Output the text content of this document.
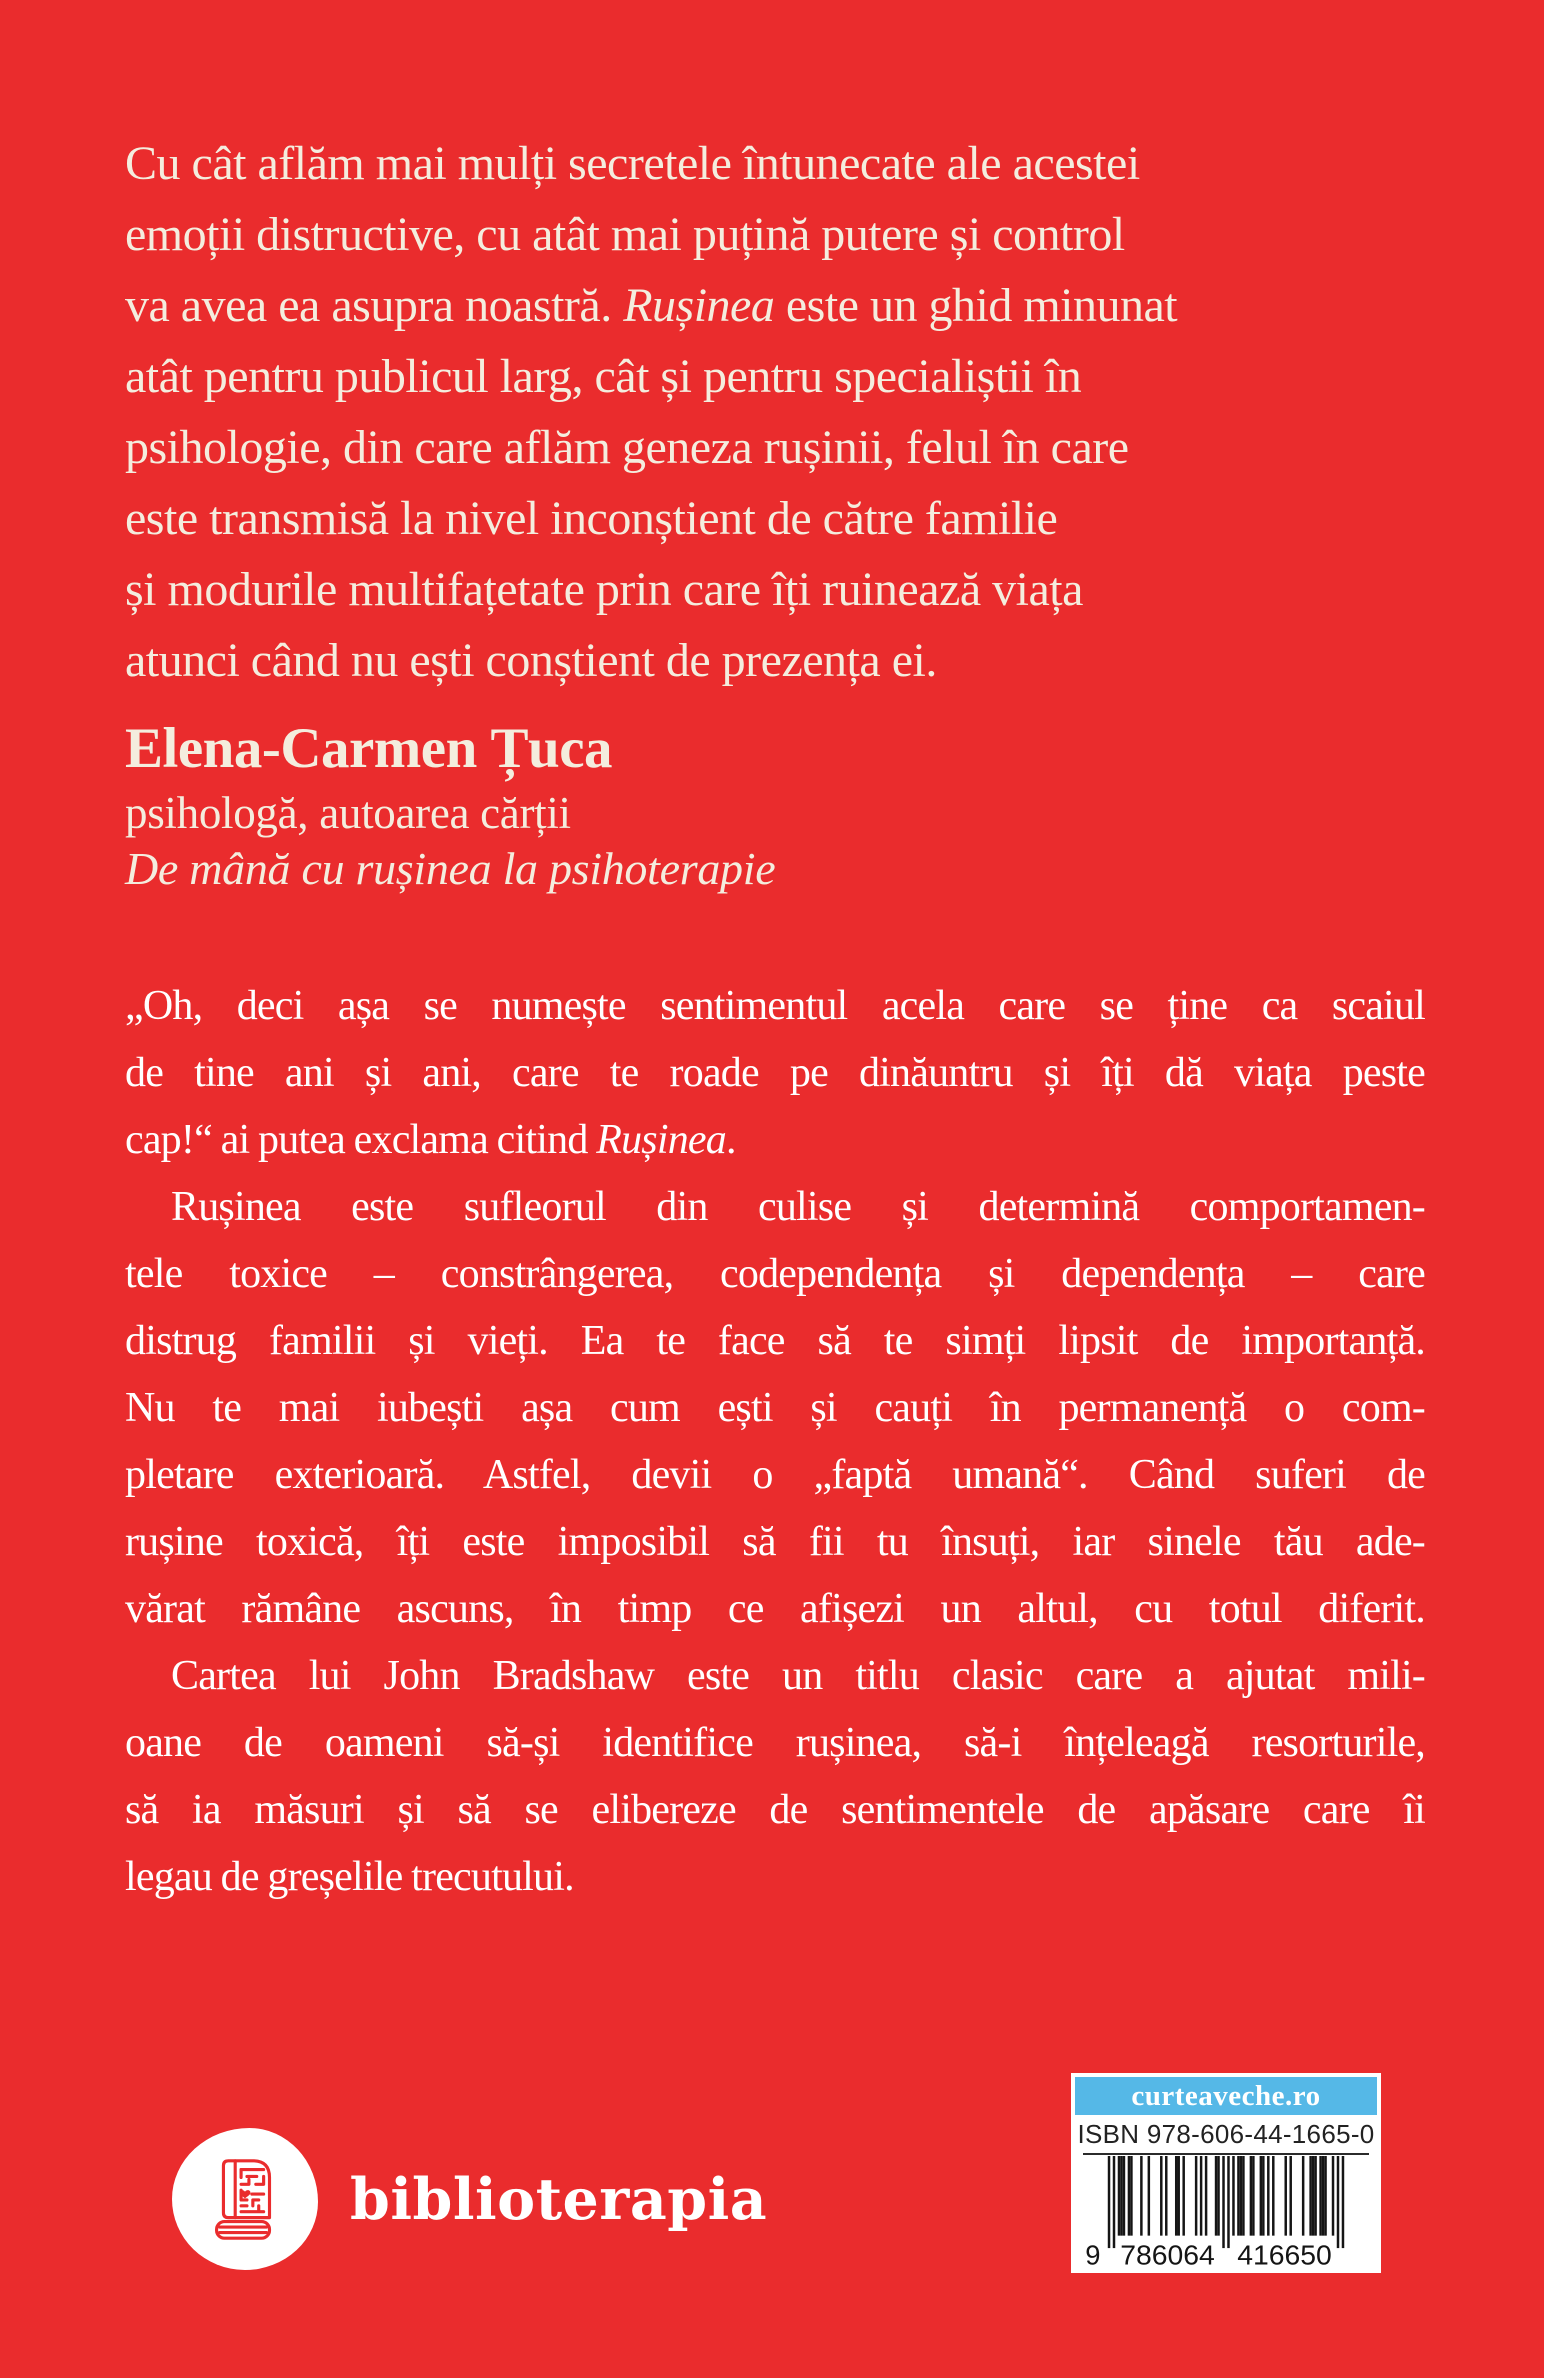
Cu cât aflăm mai mulți secretele întunecate ale acestei
emoții distructive, cu atât mai puțină putere și control
va avea ea asupra noastră. Rușinea este un ghid minunat
atât pentru publicul larg, cât și pentru specialiștii în
psihologie, din care aflăm geneza rușinii, felul în care
este transmisă la nivel inconștient de către familie
și modurile multifațetate prin care îți ruinează viața
atunci când nu ești conștient de prezența ei.
Elena-Carmen Țuca
psihologă, autoarea cărții
De mână cu rușinea la psihoterapie
„Oh, deci așa se numește sentimentul acela care se ține ca scaiul
de tine ani și ani, care te roade pe dinăuntru și îți dă viața peste
cap!“ ai putea exclama citind Rușinea.
Rușinea este sufleorul din culise și determină comportamen-
tele toxice – constrângerea, codependența și dependența – care
distrug familii și vieți. Ea te face să te simți lipsit de importanță.
Nu te mai iubești așa cum ești și cauți în permanență o com-
pletare exterioară. Astfel, devii o „faptă umană“. Când suferi de
rușine toxică, îți este imposibil să fii tu însuți, iar sinele tău ade-
vărat rămâne ascuns, în timp ce afișezi un altul, cu totul diferit.
Cartea lui John Bradshaw este un titlu clasic care a ajutat mili-
oane de oameni să-și identifice rușinea, să-i înțeleagă resorturile,
să ia măsuri și să se elibereze de sentimentele de apăsare care îi
legau de greșelile trecutului.
biblioterapia
curteaveche.ro
ISBN 978-606-44-1665-0
9 786064 416650
